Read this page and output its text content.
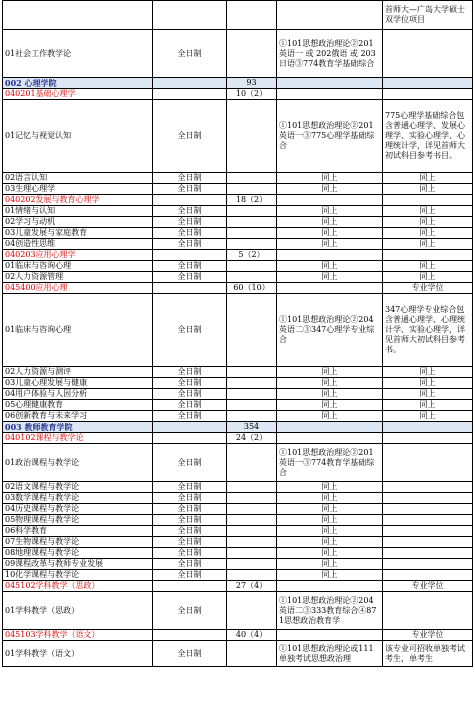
				首师大—广岛大学硕士双学位项目
01社会工作教学论	全日制		①101思想政治理论②201英语一 或 202俄语 或 203日语③774教育学基础综合	
002 心理学院		93		
040201基础心理学		10（2）		
01记忆与视觉认知	全日制		①101思想政治理论②201英语一③775心理学基础综合	775心理学基础综合包含普通心理学、发展心理学、实验心理学、心理统计学，详见首师大初试科目参考书目。
02语言认知	全日制		同上	同上
03生理心理学	全日制		同上	同上
040202发展与教育心理学		18（2）		
01情绪与认知	全日制		同上	同上
02学习与动机	全日制		同上	同上
03儿童发展与家庭教育	全日制		同上	同上
04创造性思维	全日制		同上	同上
040203应用心理学		5（2）		
01临床与咨询心理	全日制		同上	同上
02人力资源管理	全日制		同上	同上
045400应用心理		60（10）		专业学位
01临床与咨询心理	全日制		①101思想政治理论②204英语二③347心理学专业综合	347心理学专业综合包含普通心理学、心理统计学、实验心理学，详见首师大初试科目参考书。
02人力资源与测评	全日制		同上	同上
03儿童心理发展与健康	全日制		同上	同上
04用户体验与人因分析	全日制		同上	同上
05心理健康教育	全日制		同上	同上
06创新教育与未来学习	全日制		同上	同上
003 教师教育学院		354		
040102课程与教学论		24（2）		
01政治课程与教学论	全日制		①101思想政治理论②201英语一③774教育学基础综合	
02语文课程与教学论	全日制		同上	
03数学课程与教学论	全日制		同上	
04历史课程与教学论	全日制		同上	
05物理课程与教学论	全日制		同上	
06科学教育	全日制		同上	
07生物课程与教学论	全日制		同上	
08地理课程与教学论	全日制		同上	
09课程改革与教师专业发展	全日制		同上	
10化学课程与教学论	全日制		同上	
045102学科教学（思政）		27（4）		专业学位
01学科教学（思政）	全日制		①101思想政治理论②204英语二③333教育综合④871思想政治教育学	
045103学科教学（语文）		40（4）		专业学位
01学科教学（语文）	全日制		①101思想政治理论或111单独考试思想政治理	该专业可招收单独考试考生，单考生
